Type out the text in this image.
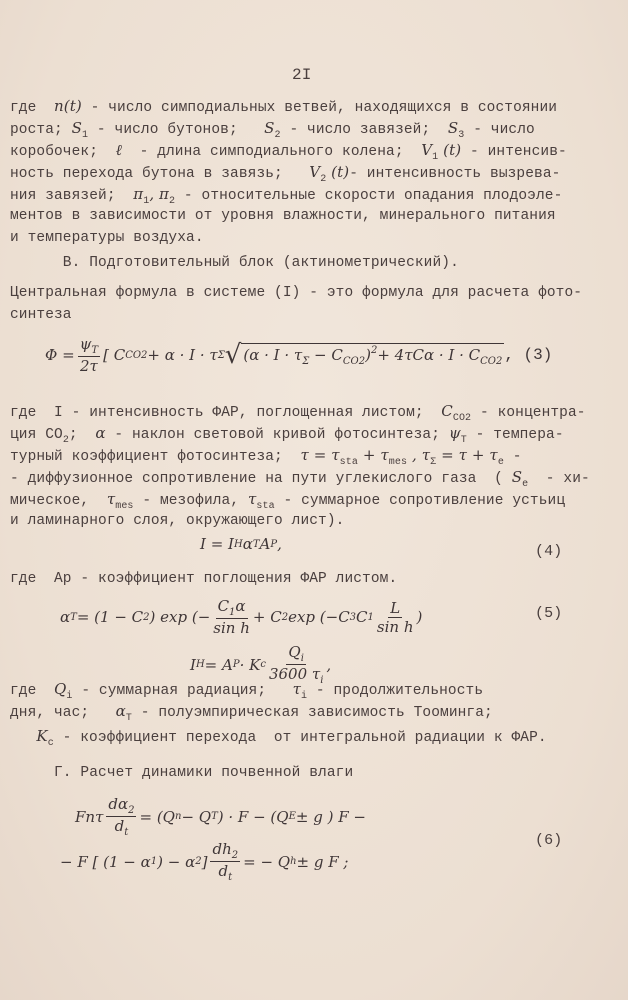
2I
где  n(t) - число симподиальных ветвей, находящихся в состоянии
роста; $S_1$ - число бутонов;   $S_2$ - число завязей;  $S_3$ - число
коробочек;  ℓ  - длина симподиального колена;  $V_1$ (t) - интенсив-
ность перехода бутона в завязь;   $V_2$ (t)- интенсивность вызрева-
ния завязей;  $\pi_1$, $\pi_2$ - относительные скорости опадания плодоэле-
ментов в зависимости от уровня влажности, минерального питания
и температуры воздуха.
В. Подготовительный блок (актинометрический).
Центральная формула в системе (I) - это формула для расчета фото-
синтеза
где  I - интенсивность ФАР, поглощенная листом;  $C_{CO2}$ - концентра-
ция $CO_2$;  α - наклон световой кривой фотосинтеза; $\psi_T$ - темпера-
турный коэффициент фотосинтеза;  $\tau = \tau_{sta} + \tau_{mes}$ , $\tau_\Sigma = \tau + \tau_e$ -
- диффузионное сопротивление на пути углекислого газа  ( $S_e - хи-$
мическое,  $\tau_{mes}$ - мезофила, $\tau_{sta}$ - суммарное сопротивление устьиц
и ламинарного слоя, окружающего лист).
где  Ар - коэффициент поглощения ФАР листом.
где  $Q_i$ - суммарная радиация;   $\tau_i$ - продолжительность
дня, час;   $\alpha_T$ - полуэмпирическая зависимость Тооминга;
$K_c$ - коэффициент перехода  от интегральной радиации к ФАР.
Г. Расчет динамики почвенной влаги
$\Phi = \frac{\psi_T}{2\tau}$ [ C CO2 + α · I · τ Σ √ $(\alpha \cdot I \cdot \tau_\Sigma - C_{CO2})^2+ 4\tau C\alpha \cdot I \cdot C_{CO2}$ , (3)
I = I H α T A P ,	(4)
α T = (1 − C 2 ) exp (− $\frac{C_1\alpha}{\text{sin h}} + C$ 2 exp (−C 3 C $1 \frac{L}{\text{sin h}}$ )	(5)
I H = A P · K c $\frac{Q_i}{3600 \tau_i}$ ,
Fnτ $\frac{d\alpha_2}{d_t} = (Q$ n − Q T ) · F − (Q E ± g ) F −
− F [ (1 − α 1 ) − α 2 ] $\frac{dh_2}{d_t}$ = − Q h ± g F ;
(6)
